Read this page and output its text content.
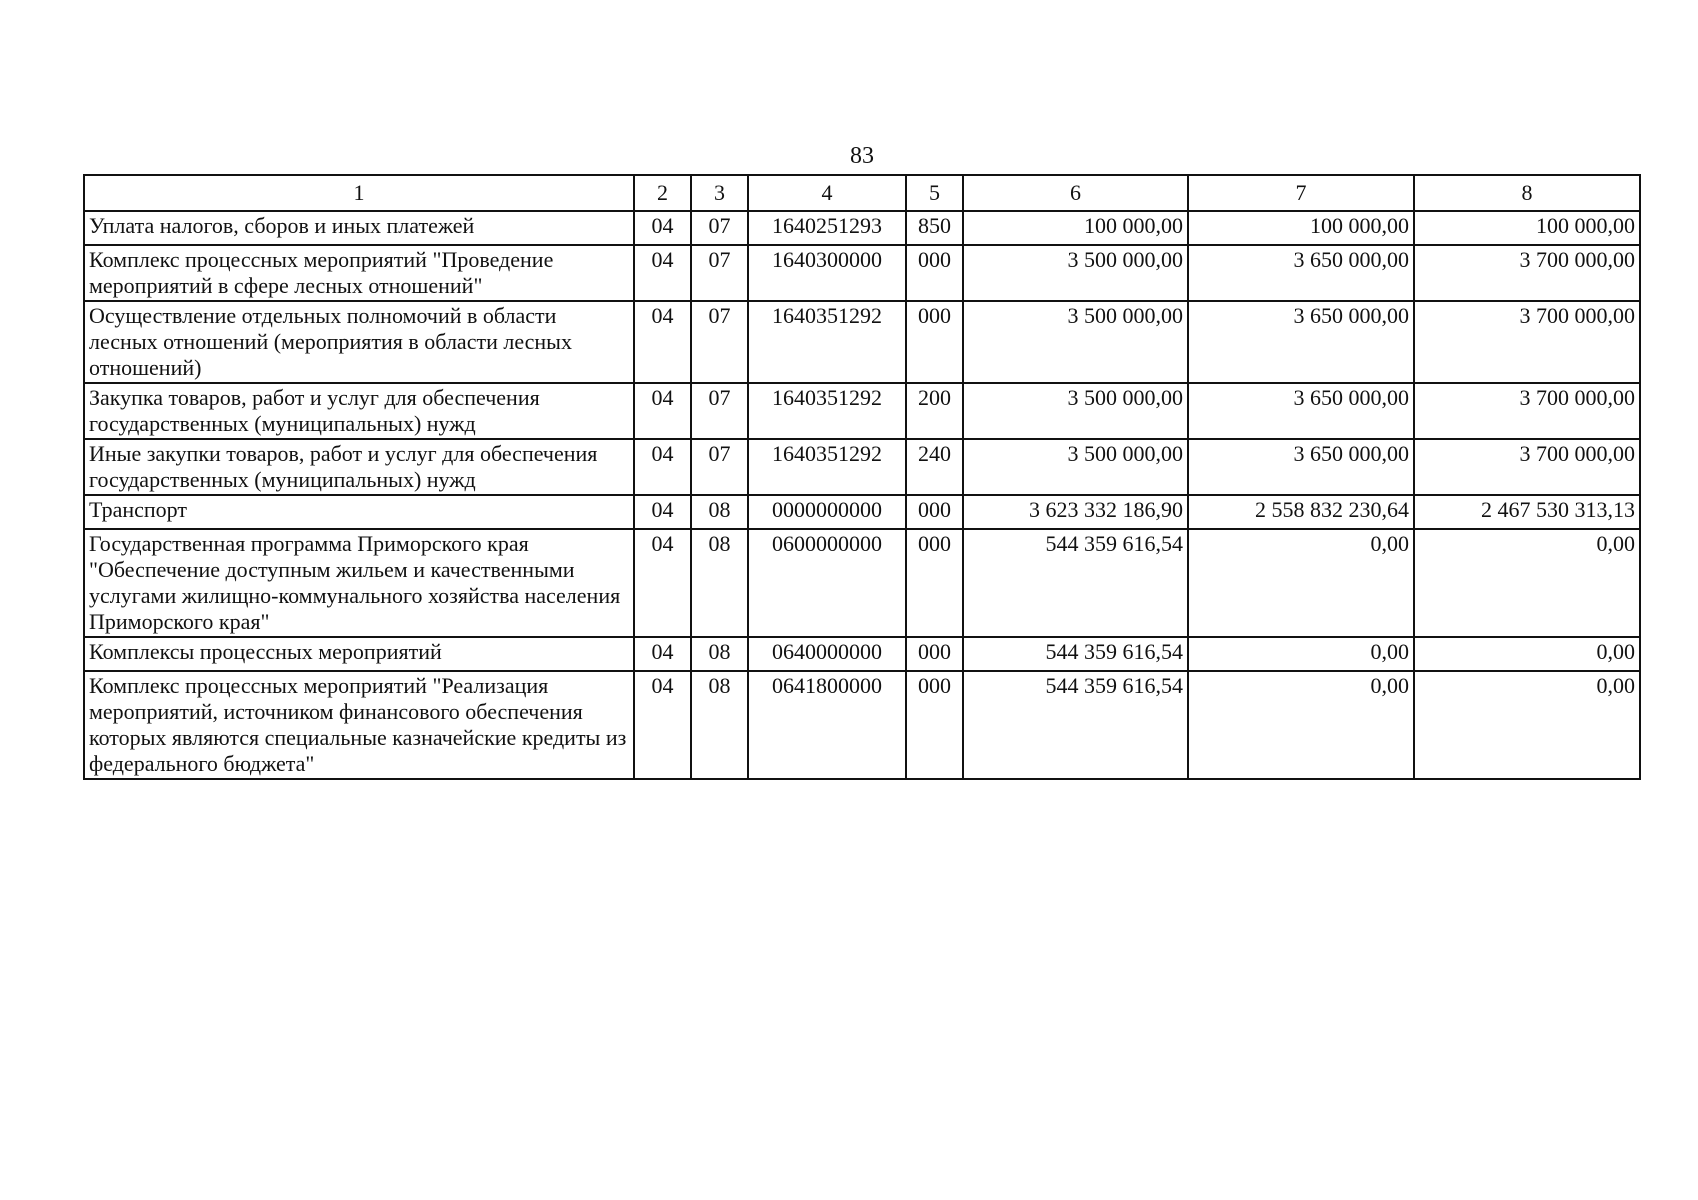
83
1	2	3	4	5	6	7	8
Уплата налогов, сборов и иных платежей	04	07	1640251293	850	100 000,00	100 000,00	100 000,00
Комплекс процессных мероприятий "Проведение мероприятий в сфере лесных отношений"	04	07	1640300000	000	3 500 000,00	3 650 000,00	3 700 000,00
Осуществление отдельных полномочий в области лесных отношений (мероприятия в области лесных отношений)	04	07	1640351292	000	3 500 000,00	3 650 000,00	3 700 000,00
Закупка товаров, работ и услуг для обеспечения государственных (муниципальных) нужд	04	07	1640351292	200	3 500 000,00	3 650 000,00	3 700 000,00
Иные закупки товаров, работ и услуг для обеспечения государственных (муниципальных) нужд	04	07	1640351292	240	3 500 000,00	3 650 000,00	3 700 000,00
Транспорт	04	08	0000000000	000	3 623 332 186,90	2 558 832 230,64	2 467 530 313,13
Государственная программа Приморского края "Обеспечение доступным жильем и качественными услугами жилищно-коммунального хозяйства населения Приморского края"	04	08	0600000000	000	544 359 616,54	0,00	0,00
Комплексы процессных мероприятий	04	08	0640000000	000	544 359 616,54	0,00	0,00
Комплекс процессных мероприятий "Реализация мероприятий, источником финансового обеспечения которых являются специальные казначейские кредиты из федерального бюджета"	04	08	0641800000	000	544 359 616,54	0,00	0,00
